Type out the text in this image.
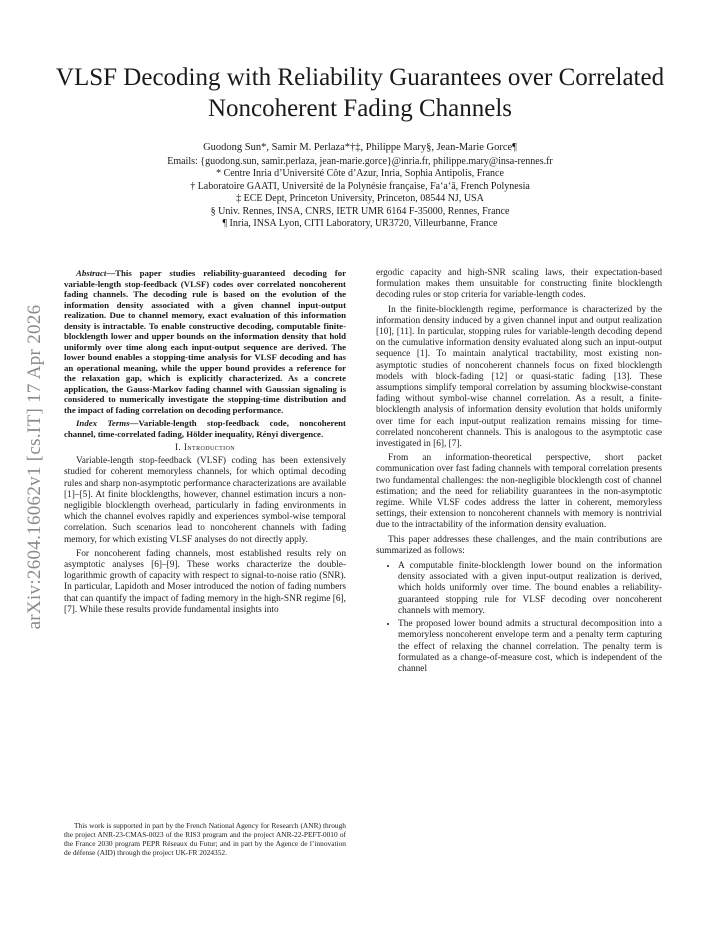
VLSF Decoding with Reliability Guarantees over Correlated Noncoherent Fading Channels
Guodong Sun*, Samir M. Perlaza*†‡, Philippe Mary§, Jean-Marie Gorce¶
Emails: {guodong.sun, samir.perlaza, jean-marie.gorce}@inria.fr, philippe.mary@insa-rennes.fr
* Centre Inria d’Université Côte d’Azur, Inria, Sophia Antipolis, France
† Laboratoire GAATI, Université de la Polynésie française, Fa‘a‘ā, French Polynesia
‡ ECE Dept, Princeton University, Princeton, 08544 NJ, USA
§ Univ. Rennes, INSA, CNRS, IETR UMR 6164 F-35000, Rennes, France
¶ Inria, INSA Lyon, CITI Laboratory, UR3720, Villeurbanne, France
arXiv:2604.16062v1 [cs.IT] 17 Apr 2026

Abstract—This paper studies reliability-guaranteed decoding for variable-length stop-feedback (VLSF) codes over correlated noncoherent fading channels. The decoding rule is based on the evolution of the information density associated with a given channel input-output realization. Due to channel memory, exact evaluation of this information density is intractable. To enable constructive decoding, computable finite-blocklength lower and upper bounds on the information density that hold uniformly over time along each input-output sequence are derived. The lower bound enables a stopping-time analysis for VLSF decoding and has an operational meaning, while the upper bound provides a reference for the relaxation gap, which is explicitly characterized. As a concrete application, the Gauss-Markov fading channel with Gaussian signaling is considered to numerically investigate the stopping-time distribution and the impact of fading correlation on decoding performance.

Index Terms—Variable-length stop-feedback code, noncoherent channel, time-correlated fading, Hölder inequality, Rényi divergence.

I. Introduction

Variable-length stop-feedback (VLSF) coding has been extensively studied for coherent memoryless channels, for which optimal decoding rules and sharp non-asymptotic performance characterizations are available [1]–[5]. At finite blocklengths, however, channel estimation incurs a non-negligible blocklength overhead, particularly in fading environments in which the channel evolves rapidly and experiences symbol-wise temporal correlation. Such scenarios lead to noncoherent channels with fading memory, for which existing VLSF analyses do not directly apply.

For noncoherent fading channels, most established results rely on asymptotic analyses [6]–[9]. These works characterize the double-logarithmic growth of capacity with respect to signal-to-noise ratio (SNR). In particular, Lapidoth and Moser introduced the notion of fading numbers that can quantify the impact of fading memory in the high-SNR regime [6], [7]. While these results provide fundamental insights into

ergodic capacity and high-SNR scaling laws, their expectation-based formulation makes them unsuitable for constructing finite blocklength decoding rules or stop criteria for variable-length codes.

In the finite-blocklength regime, performance is characterized by the information density induced by a given channel input and output realization [10], [11]. In particular, stopping rules for variable-length decoding depend on the cumulative information density evaluated along such an input-output sequence [1]. To maintain analytical tractability, most existing non-asymptotic studies of noncoherent channels focus on fixed blocklength models with block-fading [12] or quasi-static fading [13]. These assumptions simplify temporal correlation by assuming blockwise-constant fading without symbol-wise channel correlation. As a result, a finite-blocklength analysis of information density evolution that holds uniformly over time for each input-output realization remains missing for time-correlated noncoherent channels. This is analogous to the asymptotic case investigated in [6], [7].

From an information-theoretical perspective, short packet communication over fast fading channels with temporal correlation presents two fundamental challenges: the non-negligible blocklength cost of channel estimation; and the need for reliability guarantees in the non-asymptotic regime. While VLSF codes address the latter in coherent, memoryless settings, their extension to noncoherent channels with memory is nontrivial due to the intractability of the information density evaluation.

This paper addresses these challenges, and the main contributions are summarized as follows:

• A computable finite-blocklength lower bound on the information density associated with a given input-output realization is derived, which holds uniformly over time. The bound enables a reliability-guaranteed stopping rule for VLSF decoding over noncoherent channels with memory.
• The proposed lower bound admits a structural decomposition into a memoryless noncoherent envelope term and a penalty term capturing the effect of relaxing the channel correlation. The penalty term is formulated as a change-of-measure cost, which is independent of the channel

This work is supported in part by the French National Agency for Research (ANR) through the project ANR-23-CMAS-0023 of the RIS3 program and the project ANR-22-PEFT-0010 of the France 2030 program PEPR Réseaux du Futur; and in part by the Agence de l’innovation de défense (AID) through the project UK-FR 2024352.
